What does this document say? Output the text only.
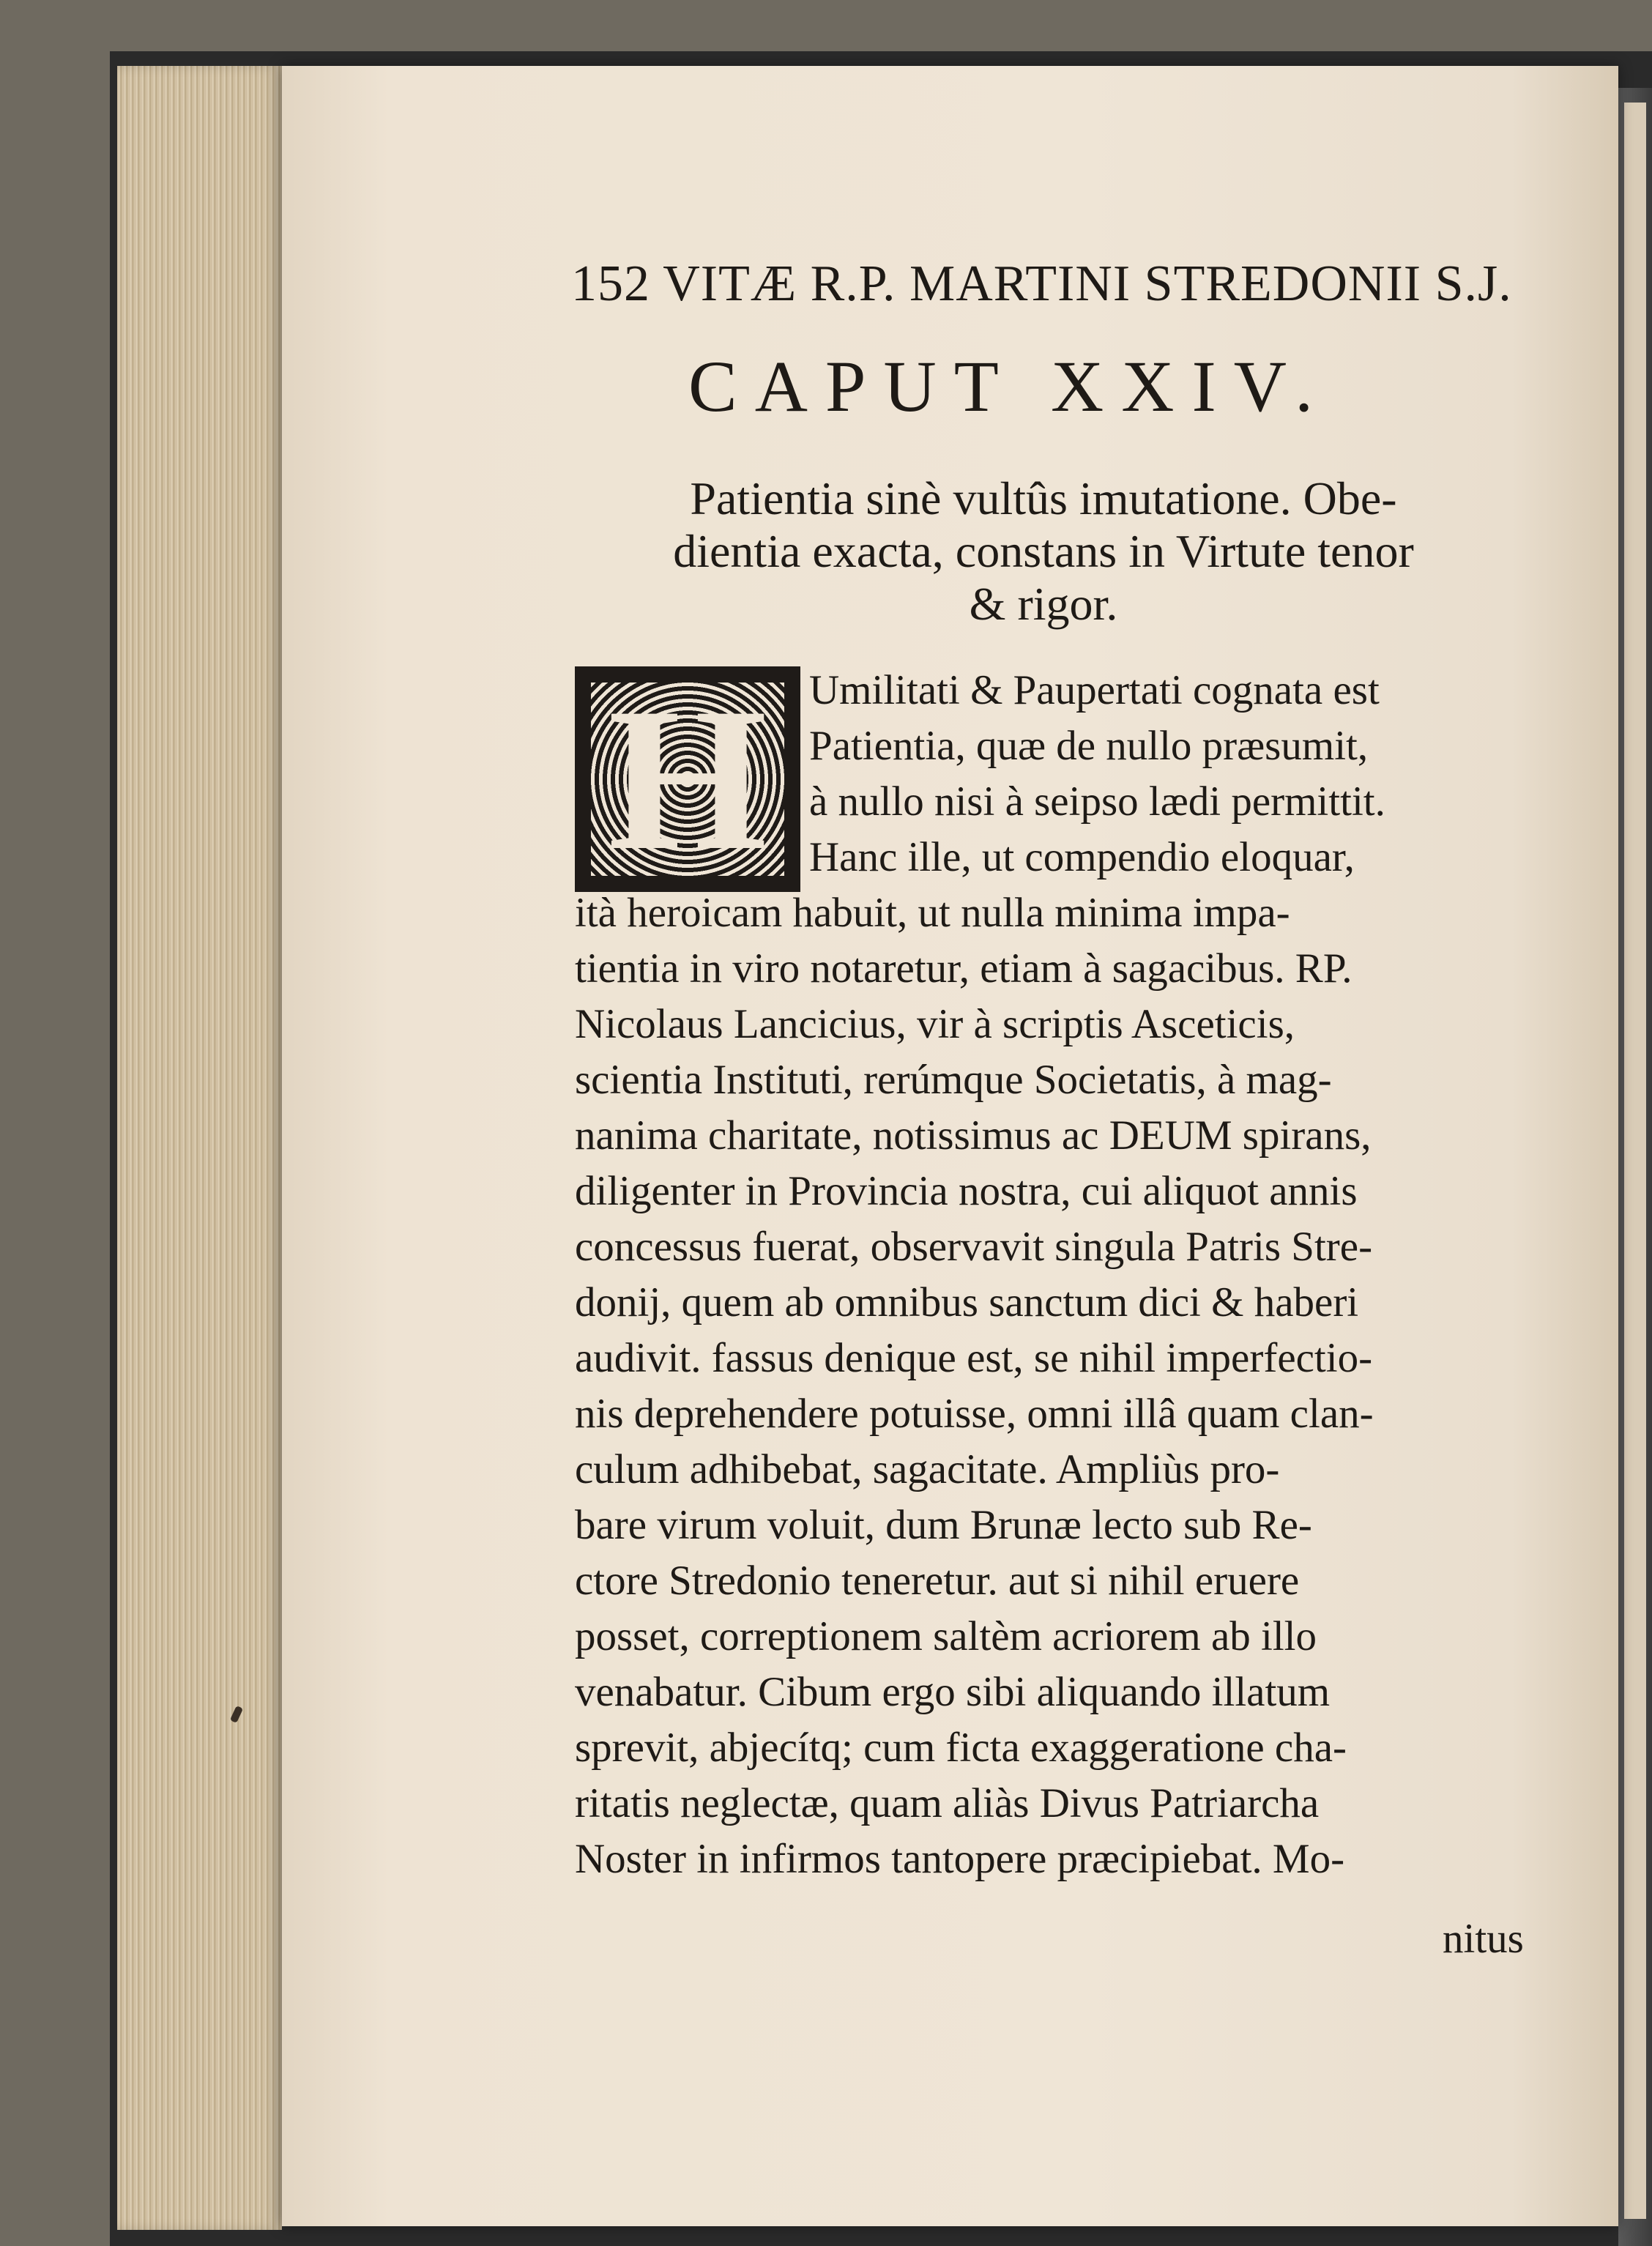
152 VITÆ R.P. MARTINI STREDONII S.J.
CAPUT XXIV.
Patientia sinè vultûs imutatione. Obe-
dientia exacta, constans in Virtute tenor
& rigor.
H	Umilitati & Paupertati cognata est
Patientia, quæ de nullo præsumit,
à nullo nisi à seipso lædi permittit.
Hanc ille, ut compendio eloquar,
ità heroicam habuit, ut nulla minima impa-
tientia in viro notaretur, etiam à sagacibus. RP.
Nicolaus Lancicius, vir à scriptis Asceticis,
scientia Instituti, rerúmque Societatis, à mag-
nanima charitate, notissimus ac DEUM spirans,
diligenter in Provincia nostra, cui aliquot annis
concessus fuerat, observavit singula Patris Stre-
donij, quem ab omnibus sanctum dici & haberi
audivit. fassus denique est, se nihil imperfectio-
nis deprehendere potuisse, omni illâ quam clan-
culum adhibebat, sagacitate. Ampliùs pro-
bare virum voluit, dum Brunæ lecto sub Re-
ctore Stredonio teneretur. aut si nihil eruere
posset, correptionem saltèm acriorem ab illo
venabatur. Cibum ergo sibi aliquando illatum
sprevit, abjecítq; cum ficta exaggeratione cha-
ritatis neglectæ, quam aliàs Divus Patriarcha
Noster in infirmos tantopere præcipiebat. Mo-
nitus
